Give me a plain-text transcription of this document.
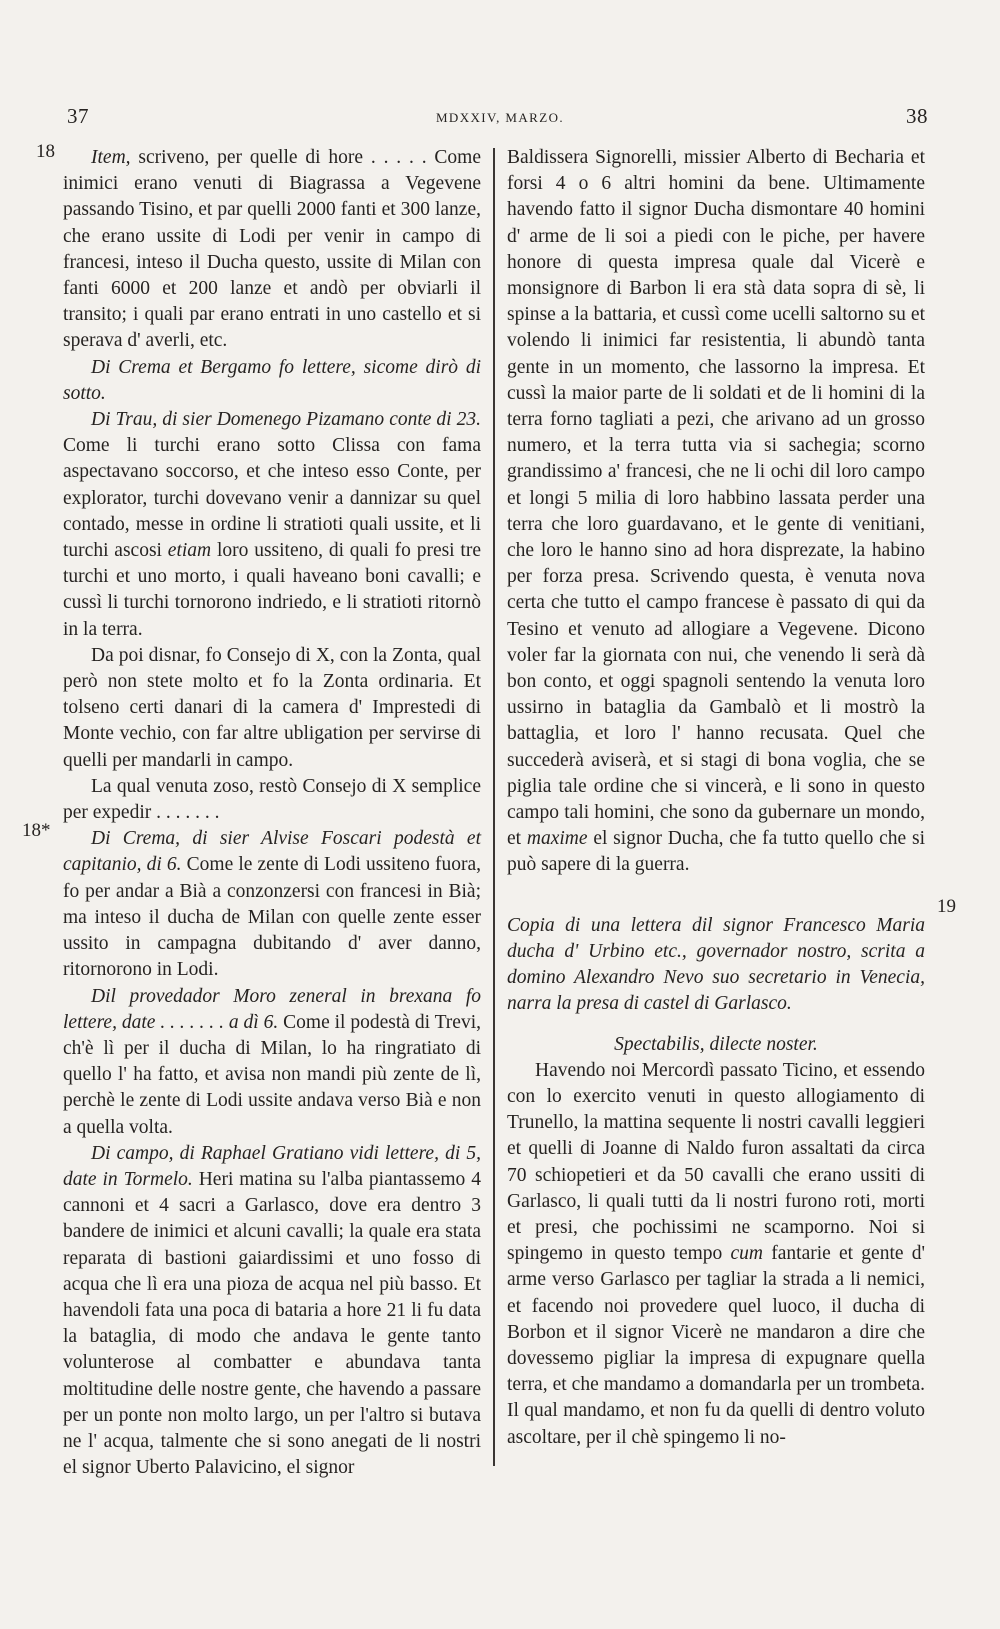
37	MDXXIV, MARZO.	38
18
18*
19

Item, scriveno, per quelle di hore . . . . . Come inimici erano venuti di Biagrassa a Vegevene passando Tisino, et par quelli 2000 fanti et 300 lanze, che erano ussite di Lodi per venir in campo di francesi, inteso il Ducha questo, ussite di Milan con fanti 6000 et 200 lanze et andò per obviarli il transito; i quali par erano entrati in uno castello et si sperava d' averli, etc.

Di Crema et Bergamo fo lettere, sicome dirò di sotto.

Di Trau, di sier Domenego Pizamano conte di 23. Come li turchi erano sotto Clissa con fama aspectavano soccorso, et che inteso esso Conte, per explorator, turchi dovevano venir a dannizar su quel contado, messe in ordine li stratioti quali ussite, et li turchi ascosi etiam loro ussiteno, di quali fo presi tre turchi et uno morto, i quali haveano boni cavalli; e cussì li turchi tornorono indriedo, e li stratioti ritornò in la terra.

Da poi disnar, fo Consejo di X, con la Zonta, qual però non stete molto et fo la Zonta ordinaria. Et tolseno certi danari di la camera d' Imprestedi di Monte vechio, con far altre ubligation per servirse di quelli per mandarli in campo.

La qual venuta zoso, restò Consejo di X semplice per expedir . . . . . . .

Di Crema, di sier Alvise Foscari podestà et capitanio, di 6. Come le zente di Lodi ussiteno fuora, fo per andar a Bià a conzonzersi con francesi in Bià; ma inteso il ducha de Milan con quelle zente esser ussito in campagna dubitando d' aver danno, ritornorono in Lodi.

Dil provedador Moro zeneral in brexana fo lettere, date . . . . . . . a dì 6. Come il podestà di Trevi, ch'è lì per il ducha di Milan, lo ha ringratiato di quello l' ha fatto, et avisa non mandi più zente de lì, perchè le zente di Lodi ussite andava verso Bià e non a quella volta.

Di campo, di Raphael Gratiano vidi lettere, di 5, date in Tormelo. Heri matina su l'alba piantassemo 4 cannoni et 4 sacri a Garlasco, dove era dentro 3 bandere de inimici et alcuni cavalli; la quale era stata reparata di bastioni gaiardissimi et uno fosso di acqua che lì era una pioza de acqua nel più basso. Et havendoli fata una poca di bataria a hore 21 li fu data la bataglia, di modo che andava le gente tanto volunterose al combatter e abundava tanta moltitudine delle nostre gente, che havendo a passare per un ponte non molto largo, un per l'altro si butava ne l' acqua, talmente che si sono anegati de li nostri el signor Uberto Palavicino, el signor

Baldissera Signorelli, missier Alberto di Becharia et forsi 4 o 6 altri homini da bene. Ultimamente havendo fatto il signor Ducha dismontare 40 homini d' arme de li soi a piedi con le piche, per havere honore di questa impresa quale dal Vicerè e monsignore di Barbon li era stà data sopra di sè, li spinse a la battaria, et cussì come ucelli saltorno su et volendo li inimici far resistentia, li abundò tanta gente in un momento, che lassorno la impresa. Et cussì la maior parte de li soldati et de li homini di la terra forno tagliati a pezi, che arivano ad un grosso numero, et la terra tutta via si sachegia; scorno grandissimo a' francesi, che ne li ochi dil loro campo et longi 5 milia di loro habbino lassata perder una terra che loro guardavano, et le gente di venitiani, che loro le hanno sino ad hora disprezate, la habino per forza presa. Scrivendo questa, è venuta nova certa che tutto el campo francese è passato di qui da Tesino et venuto ad allogiare a Vegevene. Dicono voler far la giornata con nui, che venendo li serà dà bon conto, et oggi spagnoli sentendo la venuta loro ussirno in bataglia da Gambalò et li mostrò la battaglia, et loro l' hanno recusata. Quel che succederà aviserà, et si stagi di bona voglia, che se piglia tale ordine che si vincerà, e li sono in questo campo tali homini, che sono da gubernare un mondo, et maxime el signor Ducha, che fa tutto quello che si può sapere di la guerra.

Copia di una lettera dil signor Francesco Maria ducha d' Urbino etc., governador nostro, scrita a domino Alexandro Nevo suo secretario in Venecia, narra la presa di castel di Garlasco.

Spectabilis, dilecte noster.

Havendo noi Mercordì passato Ticino, et essendo con lo exercito venuti in questo allogiamento di Trunello, la mattina sequente li nostri cavalli leggieri et quelli di Joanne di Naldo furon assaltati da circa 70 schiopetieri et da 50 cavalli che erano ussiti di Garlasco, li quali tutti da li nostri furono roti, morti et presi, che pochissimi ne scamporno. Noi si spingemo in questo tempo cum fantarie et gente d' arme verso Garlasco per tagliar la strada a li nemici, et facendo noi provedere quel luoco, il ducha di Borbon et il signor Vicerè ne mandaron a dire che dovessemo pigliar la impresa di expugnare quella terra, et che mandamo a domandarla per un trombeta. Il qual mandamo, et non fu da quelli di dentro voluto ascoltare, per il chè spingemo li no-
